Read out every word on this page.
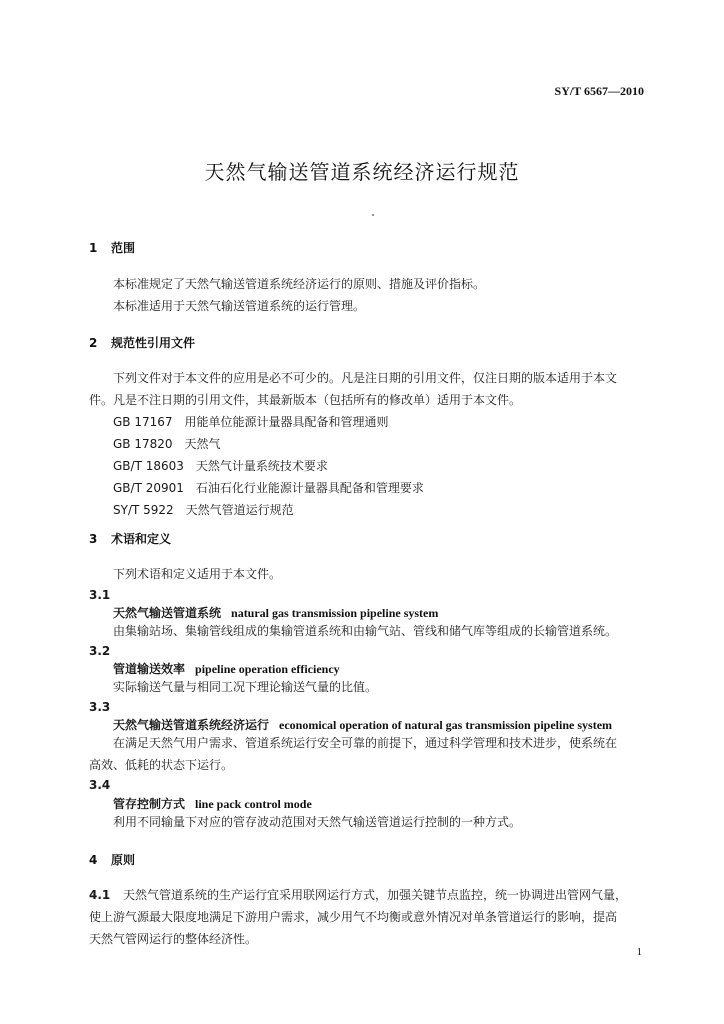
SY/T 6567—2010
天然气输送管道系统经济运行规范
1 范围
本标准规定了天然气输送管道系统经济运行的原则、措施及评价指标。
本标准适用于天然气输送管道系统的运行管理。
2 规范性引用文件
下列文件对于本文件的应用是必不可少的。凡是注日期的引用文件，仅注日期的版本适用于本文
件。凡是不注日期的引用文件，其最新版本（包括所有的修改单）适用于本文件。
GB 17167　用能单位能源计量器具配备和管理通则
GB 17820　天然气
GB/T 18603　天然气计量系统技术要求
GB/T 20901　石油石化行业能源计量器具配备和管理要求
SY/T 5922　天然气管道运行规范
3 术语和定义
下列术语和定义适用于本文件。
3.1
天然气输送管道系统 natural gas transmission pipeline system
由集输站场、集输管线组成的集输管道系统和由输气站、管线和储气库等组成的长输管道系统。
3.2
管道输送效率 pipeline operation efficiency
实际输送气量与相同工况下理论输送气量的比值。
3.3
天然气输送管道系统经济运行 economical operation of natural gas transmission pipeline system
在满足天然气用户需求、管道系统运行安全可靠的前提下，通过科学管理和技术进步，使系统在
高效、低耗的状态下运行。
3.4
管存控制方式 line pack control mode
利用不同输量下对应的管存波动范围对天然气输送管道运行控制的一种方式。
4 原则
4.1 天然气管道系统的生产运行宜采用联网运行方式，加强关键节点监控，统一协调进出管网气量，
使上游气源最大限度地满足下游用户需求，减少用气不均衡或意外情况对单条管道运行的影响，提高
天然气管网运行的整体经济性。
1
